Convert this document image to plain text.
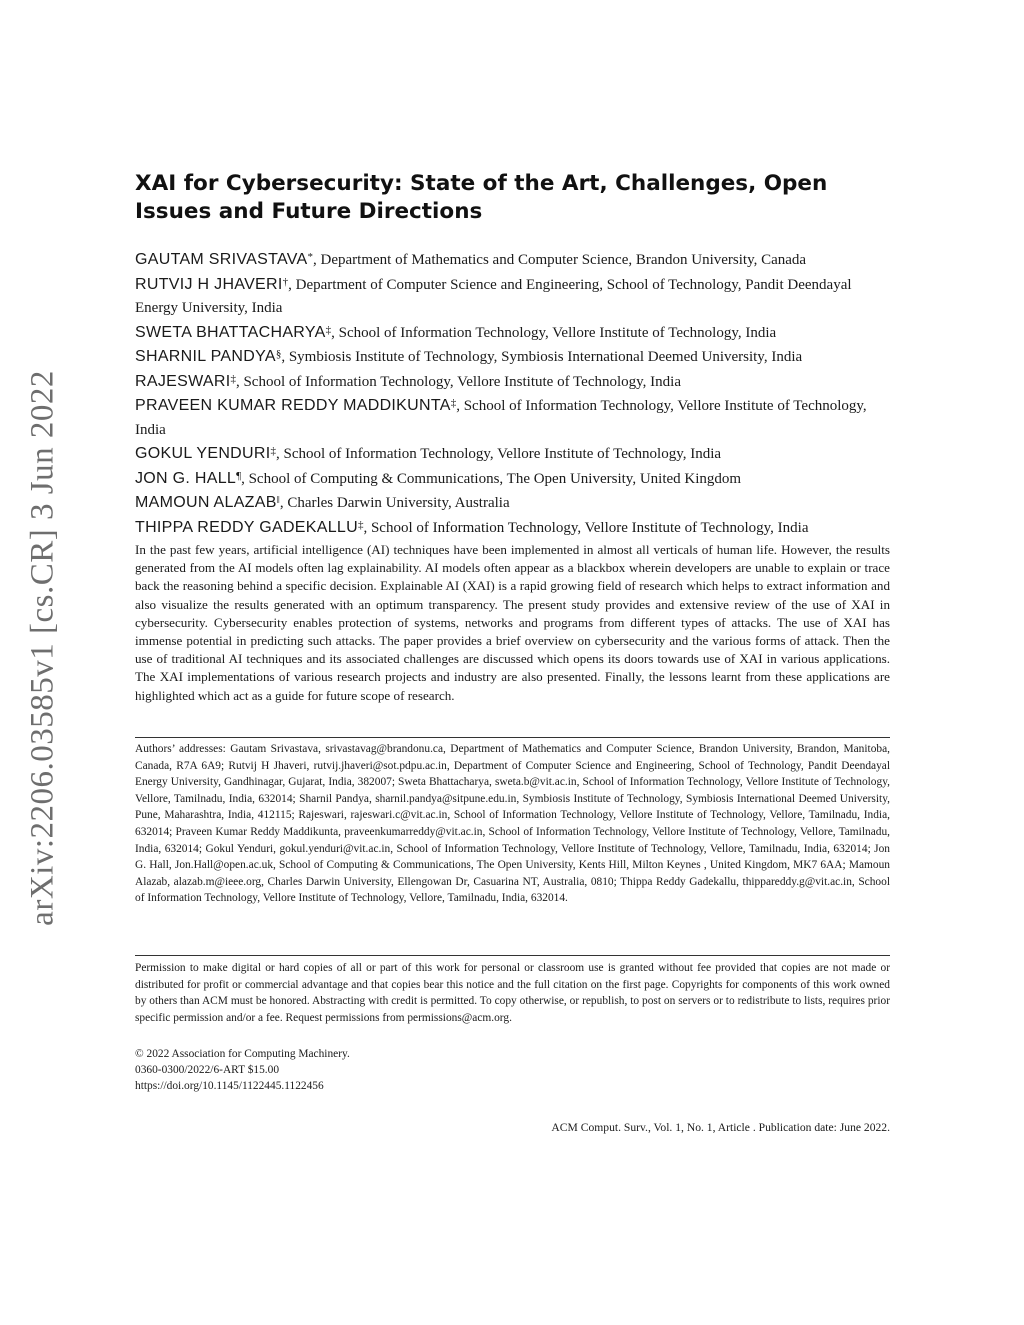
arXiv:2206.03585v1 [cs.CR] 3 Jun 2022
XAI for Cybersecurity: State of the Art, Challenges, Open Issues and Future Directions

GAUTAM SRIVASTAVA*, Department of Mathematics and Computer Science, Brandon University, Canada

RUTVIJ H JHAVERI†, Department of Computer Science and Engineering, School of Technology, Pandit Deendayal Energy University, India

SWETA BHATTACHARYA‡, School of Information Technology, Vellore Institute of Technology, India

SHARNIL PANDYA§, Symbiosis Institute of Technology, Symbiosis International Deemed University, India

RAJESWARI‡, School of Information Technology, Vellore Institute of Technology, India

PRAVEEN KUMAR REDDY MADDIKUNTA‡, School of Information Technology, Vellore Institute of Technology, India

GOKUL YENDURI‡, School of Information Technology, Vellore Institute of Technology, India

JON G. HALL¶, School of Computing & Communications, The Open University, United Kingdom

MAMOUN ALAZAB‖, Charles Darwin University, Australia

THIPPA REDDY GADEKALLU‡, School of Information Technology, Vellore Institute of Technology, India

In the past few years, artificial intelligence (AI) techniques have been implemented in almost all verticals of human life. However, the results generated from the AI models often lag explainability. AI models often appear as a blackbox wherein developers are unable to explain or trace back the reasoning behind a specific decision. Explainable AI (XAI) is a rapid growing field of research which helps to extract information and also visualize the results generated with an optimum transparency. The present study provides and extensive review of the use of XAI in cybersecurity. Cybersecurity enables protection of systems, networks and programs from different types of attacks. The use of XAI has immense potential in predicting such attacks. The paper provides a brief overview on cybersecurity and the various forms of attack. Then the use of traditional AI techniques and its associated challenges are discussed which opens its doors towards use of XAI in various applications. The XAI implementations of various research projects and industry are also presented. Finally, the lessons learnt from these applications are highlighted which act as a guide for future scope of research.

Authors’ addresses: Gautam Srivastava, srivastavag@brandonu.ca, Department of Mathematics and Computer Science, Brandon University, Brandon, Manitoba, Canada, R7A 6A9; Rutvij H Jhaveri, rutvij.jhaveri@sot.pdpu.ac.in, Department of Computer Science and Engineering, School of Technology, Pandit Deendayal Energy University, Gandhinagar, Gujarat, India, 382007; Sweta Bhattacharya, sweta.b@vit.ac.in, School of Information Technology, Vellore Institute of Technology, Vellore, Tamilnadu, India, 632014; Sharnil Pandya, sharnil.pandya@sitpune.edu.in, Symbiosis Institute of Technology, Symbiosis International Deemed University, Pune, Maharashtra, India, 412115; Rajeswari, rajeswari.c@vit.ac.in, School of Information Technology, Vellore Institute of Technology, Vellore, Tamilnadu, India, 632014; Praveen Kumar Reddy Maddikunta, praveenkumarreddy@vit.ac.in, School of Information Technology, Vellore Institute of Technology, Vellore, Tamilnadu, India, 632014; Gokul Yenduri, gokul.yenduri@vit.ac.in, School of Information Technology, Vellore Institute of Technology, Vellore, Tamilnadu, India, 632014; Jon G. Hall, Jon.Hall@open.ac.uk, School of Computing & Communications, The Open University, Kents Hill, Milton Keynes , United Kingdom, MK7 6AA; Mamoun Alazab, alazab.m@ieee.org, Charles Darwin University, Ellengowan Dr, Casuarina NT, Australia, 0810; Thippa Reddy Gadekallu, thippareddy.g@vit.ac.in, School of Information Technology, Vellore Institute of Technology, Vellore, Tamilnadu, India, 632014.

Permission to make digital or hard copies of all or part of this work for personal or classroom use is granted without fee provided that copies are not made or distributed for profit or commercial advantage and that copies bear this notice and the full citation on the first page. Copyrights for components of this work owned by others than ACM must be honored. Abstracting with credit is permitted. To copy otherwise, or republish, to post on servers or to redistribute to lists, requires prior specific permission and/or a fee. Request permissions from permissions@acm.org.

© 2022 Association for Computing Machinery.

0360-0300/2022/6-ART $15.00

https://doi.org/10.1145/1122445.1122456

ACM Comput. Surv., Vol. 1, No. 1, Article . Publication date: June 2022.
